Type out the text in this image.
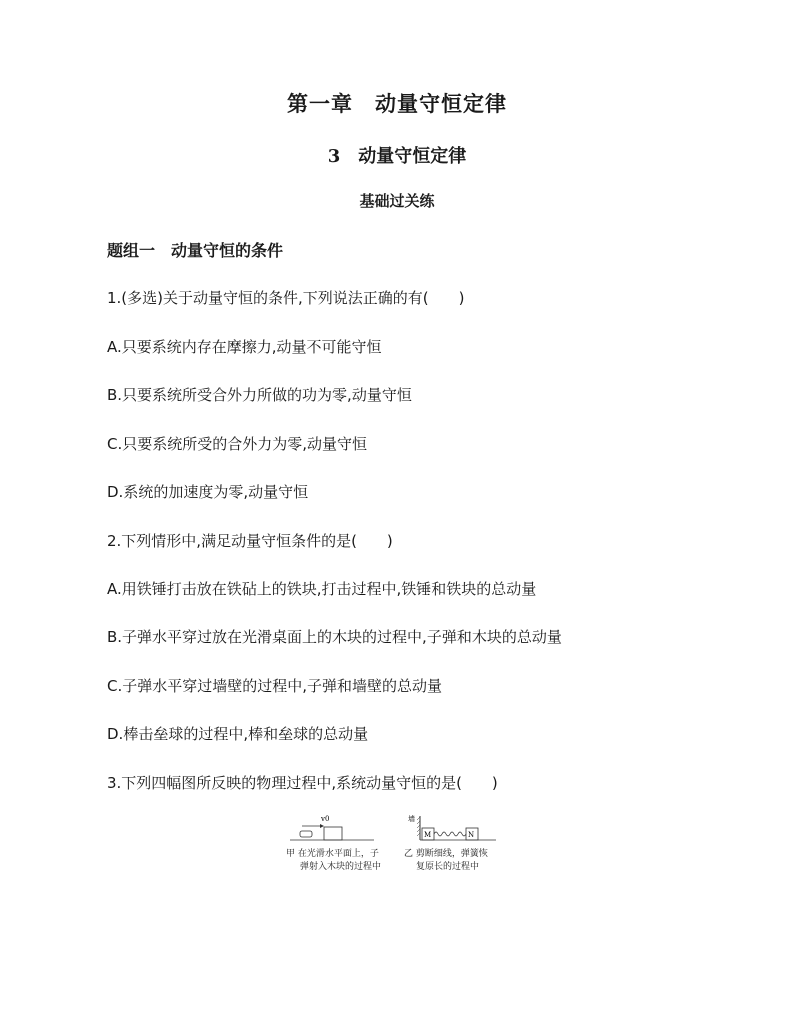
第一章　动量守恒定律
3　动量守恒定律
基础过关练
题组一　动量守恒的条件
1.(多选)关于动量守恒的条件,下列说法正确的有(　　)
A.只要系统内存在摩擦力,动量不可能守恒
B.只要系统所受合外力所做的功为零,动量守恒
C.只要系统所受的合外力为零,动量守恒
D.系统的加速度为零,动量守恒
2.下列情形中,满足动量守恒条件的是(　　)
A.用铁锤打击放在铁砧上的铁块,打击过程中,铁锤和铁块的总动量
B.子弹水平穿过放在光滑桌面上的木块的过程中,子弹和木块的总动量
C.子弹水平穿过墙壁的过程中,子弹和墙壁的总动量
D.棒击垒球的过程中,棒和垒球的总动量
3.下列四幅图所反映的物理过程中,系统动量守恒的是(　　)
v0
甲 在光滑水平面上，子
弹射入木块的过程中
墙
M	N
乙 剪断细线，弹簧恢
复原长的过程中
